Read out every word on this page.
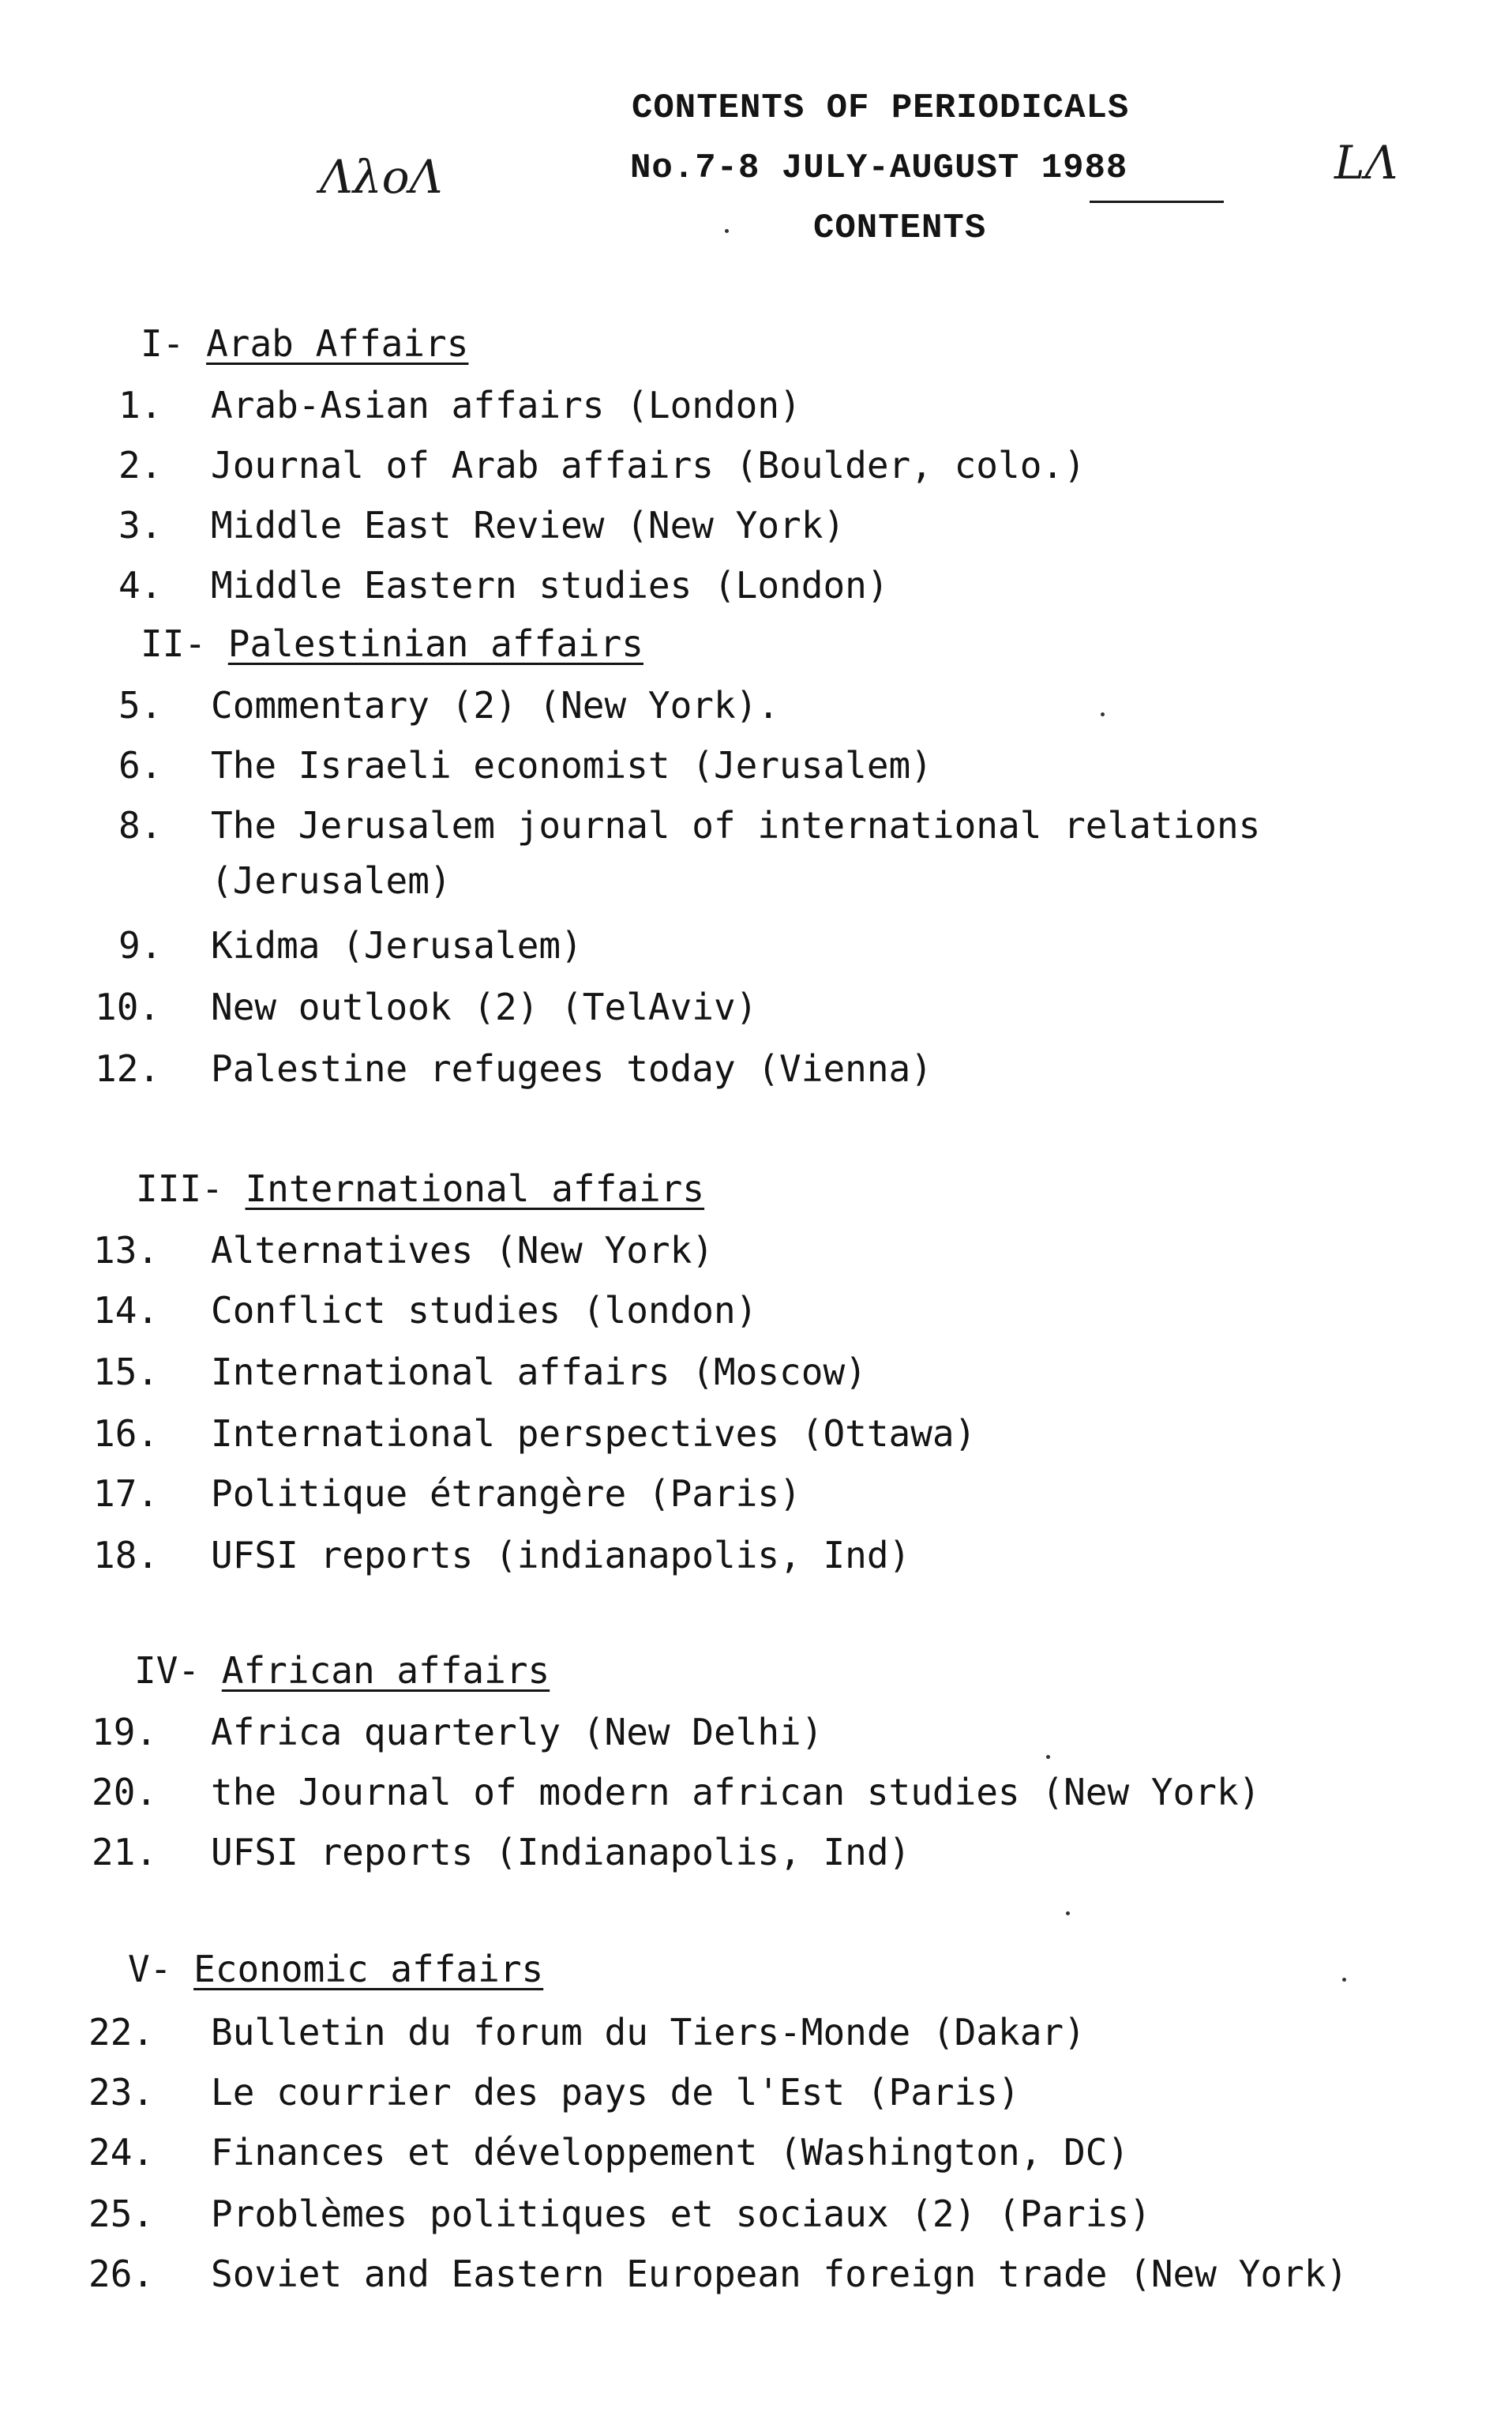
CONTENTS OF PERIODICALS
No.7-8 JULY-AUGUST 1988
CONTENTS
ΛλοΛ	LΛ
I- Arab Affairs
1.	Arab-Asian affairs (London)
2.	Journal of Arab affairs (Boulder, colo.)
3.	Middle East Review (New York)
4.	Middle Eastern studies (London)
II- Palestinian affairs
5.	Commentary (2) (New York).
6.	The Israeli economist (Jerusalem)
8.	The Jerusalem journal of international relations
(Jerusalem)
9.	Kidma (Jerusalem)
10.	New outlook (2) (TelAviv)
12.	Palestine refugees today (Vienna)
III- International affairs
13.	Alternatives (New York)
14.	Conflict studies (london)
15.	International affairs (Moscow)
16.	International perspectives (Ottawa)
17.	Politique étrangère (Paris)
18.	UFSI reports (indianapolis, Ind)
IV- African affairs
19.	Africa quarterly (New Delhi)
20.	the Journal of modern african studies (New York)
21.	UFSI reports (Indianapolis, Ind)
V- Economic affairs
22.	Bulletin du forum du Tiers-Monde (Dakar)
23.	Le courrier des pays de l'Est (Paris)
24.	Finances et développement (Washington, DC)
25.	Problèmes politiques et sociaux (2) (Paris)
26.	Soviet and Eastern European foreign trade (New York)
